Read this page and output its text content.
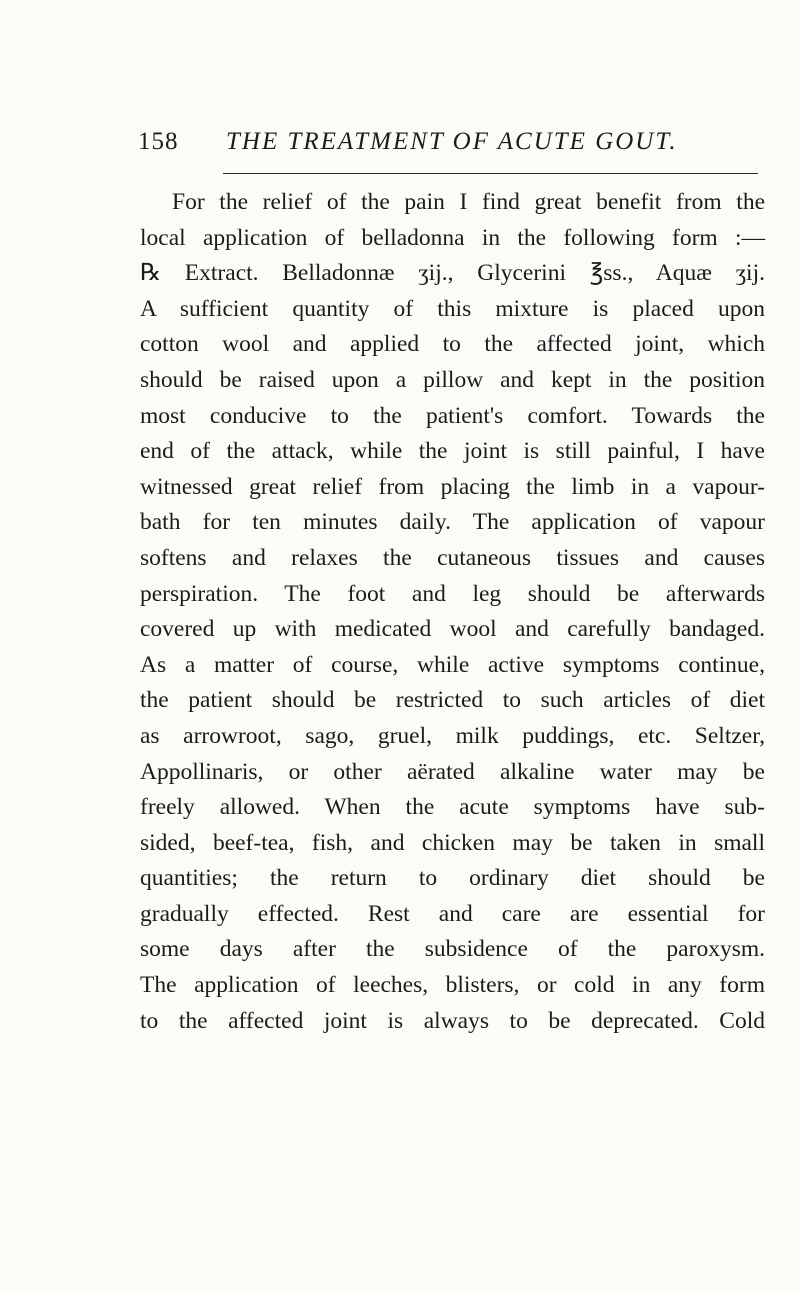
158 THE TREATMENT OF ACUTE GOUT.
For the relief of the pain I find great benefit from the
local application of belladonna in the following form :—
℞ Extract. Belladonnæ ʒij., Glycerini ℥ss., Aquæ ʒij.
A sufficient quantity of this mixture is placed upon
cotton wool and applied to the affected joint, which
should be raised upon a pillow and kept in the position
most conducive to the patient's comfort. Towards the
end of the attack, while the joint is still painful, I have
witnessed great relief from placing the limb in a vapour-
bath for ten minutes daily. The application of vapour
softens and relaxes the cutaneous tissues and causes
perspiration. The foot and leg should be afterwards
covered up with medicated wool and carefully bandaged.
As a matter of course, while active symptoms continue,
the patient should be restricted to such articles of diet
as arrowroot, sago, gruel, milk puddings, etc. Seltzer,
Appollinaris, or other aërated alkaline water may be
freely allowed. When the acute symptoms have sub-
sided, beef-tea, fish, and chicken may be taken in small
quantities; the return to ordinary diet should be
gradually effected. Rest and care are essential for
some days after the subsidence of the paroxysm.
The application of leeches, blisters, or cold in any form
to the affected joint is always to be deprecated. Cold
